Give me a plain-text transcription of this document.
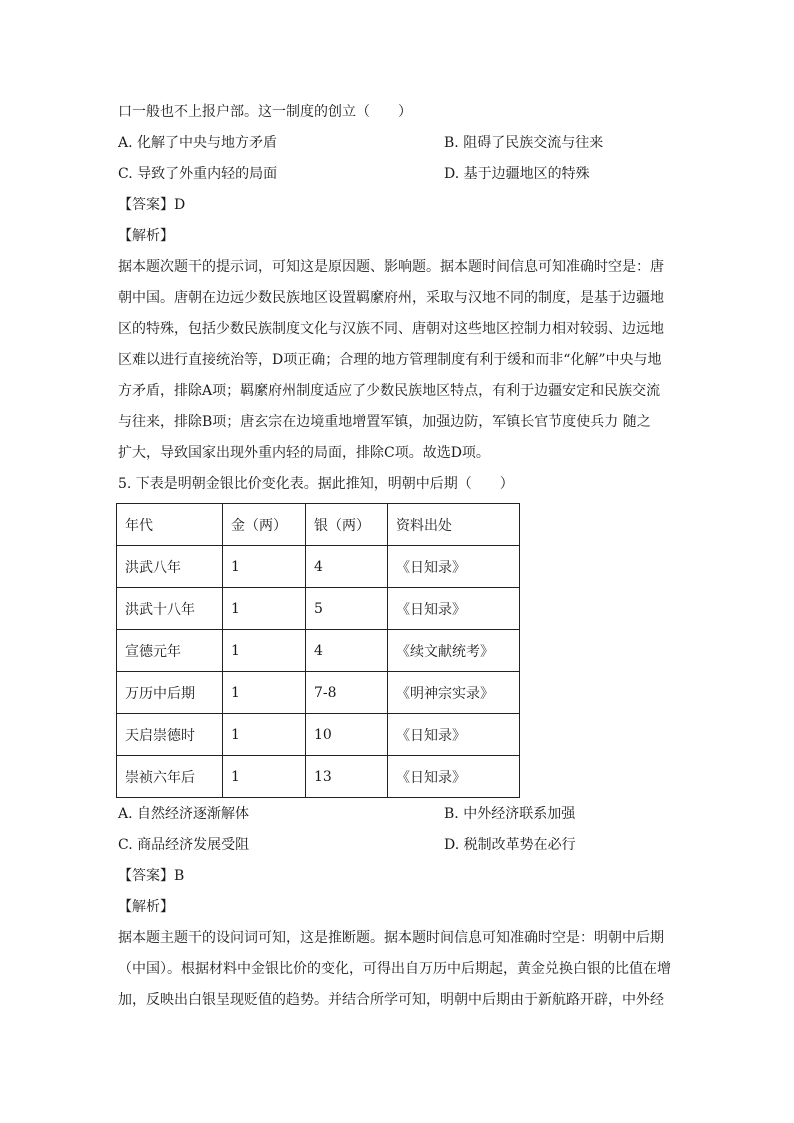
口一般也不上报户部。这一制度的创立（　　）
A. 化解了中央与地方矛盾	B. 阻碍了民族交流与往来
C. 导致了外重内轻的局面	D. 基于边疆地区的特殊
【答案】D
【解析】
据本题次题干的提示词，可知这是原因题、影响题。据本题时间信息可知准确时空是：唐
朝中国。唐朝在边远少数民族地区设置羁縻府州，采取与汉地不同的制度，是基于边疆地
区的特殊，包括少数民族制度文化与汉族不同、唐朝对这些地区控制力相对较弱、边远地
区难以进行直接统治等，D项正确；合理的地方管理制度有利于缓和而非“化解”中央与地
方矛盾，排除A项；羁縻府州制度适应了少数民族地区特点，有利于边疆安定和民族交流
与往来，排除B项；唐玄宗在边境重地增置军镇，加强边防，军镇长官节度使兵力 随之
扩大，导致国家出现外重内轻的局面，排除C项。故选D项。
5. 下表是明朝金银比价变化表。据此推知，明朝中后期（　　）
年代	金（两）	银（两）	资料出处
洪武八年	1	4	《日知录》
洪武十八年	1	5	《日知录》
宣德元年	1	4	《续文献统考》
万历中后期	1	7-8	《明神宗实录》
天启崇德时	1	10	《日知录》
崇祯六年后	1	13	《日知录》
A. 自然经济逐渐解体	B. 中外经济联系加强
C. 商品经济发展受阻	D. 税制改革势在必行
【答案】B
【解析】
据本题主题干的设问词可知，这是推断题。据本题时间信息可知准确时空是：明朝中后期
（中国）。根据材料中金银比价的变化，可得出自万历中后期起，黄金兑换白银的比值在增
加，反映出白银呈现贬值的趋势。并结合所学可知，明朝中后期由于新航路开辟，中外经
